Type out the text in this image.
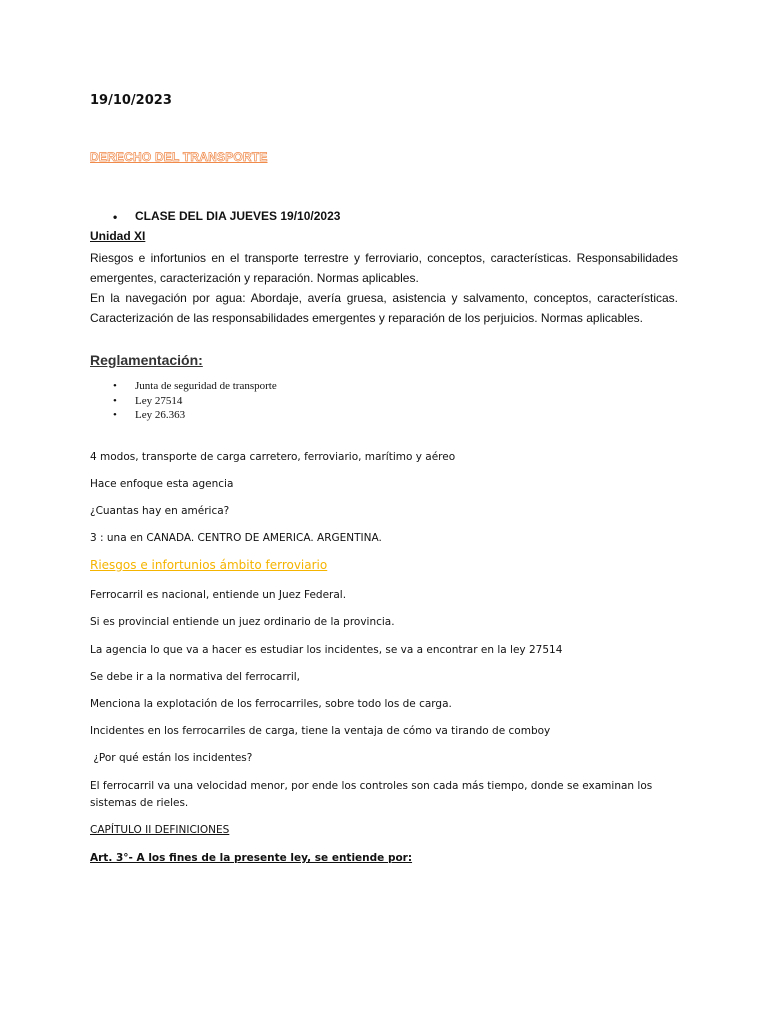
19/10/2023

DERECHO DEL TRANSPORTE

• CLASE DEL DIA JUEVES 19/10/2023

Unidad XI

Riesgos e infortunios en el transporte terrestre y ferroviario, conceptos, características. Responsabilidades emergentes, caracterización y reparación. Normas aplicables.

En la navegación por agua: Abordaje, avería gruesa, asistencia y salvamento, conceptos, características. Caracterización de las responsabilidades emergentes y reparación de los perjuicios. Normas aplicables.

Reglamentación:

• Junta de seguridad de transporte
• Ley 27514
• Ley 26.363

4 modos, transporte de carga carretero, ferroviario, marítimo y aéreo

Hace enfoque esta agencia

¿Cuantas hay en américa?

3 : una en CANADA. CENTRO DE AMERICA. ARGENTINA.

Riesgos e infortunios ámbito ferroviario

Ferrocarril es nacional, entiende un Juez Federal.

Si es provincial entiende un juez ordinario de la provincia.

La agencia lo que va a hacer es estudiar los incidentes, se va a encontrar en la ley 27514

Se debe ir a la normativa del ferrocarril,

Menciona la explotación de los ferrocarriles, sobre todo los de carga.

Incidentes en los ferrocarriles de carga, tiene la ventaja de cómo va tirando de comboy

¿Por qué están los incidentes?

El ferrocarril va una velocidad menor, por ende los controles son cada más tiempo, donde se examinan los

sistemas de rieles.

CAPÍTULO II DEFINICIONES

Art. 3°- A los fines de la presente ley, se entiende por:
